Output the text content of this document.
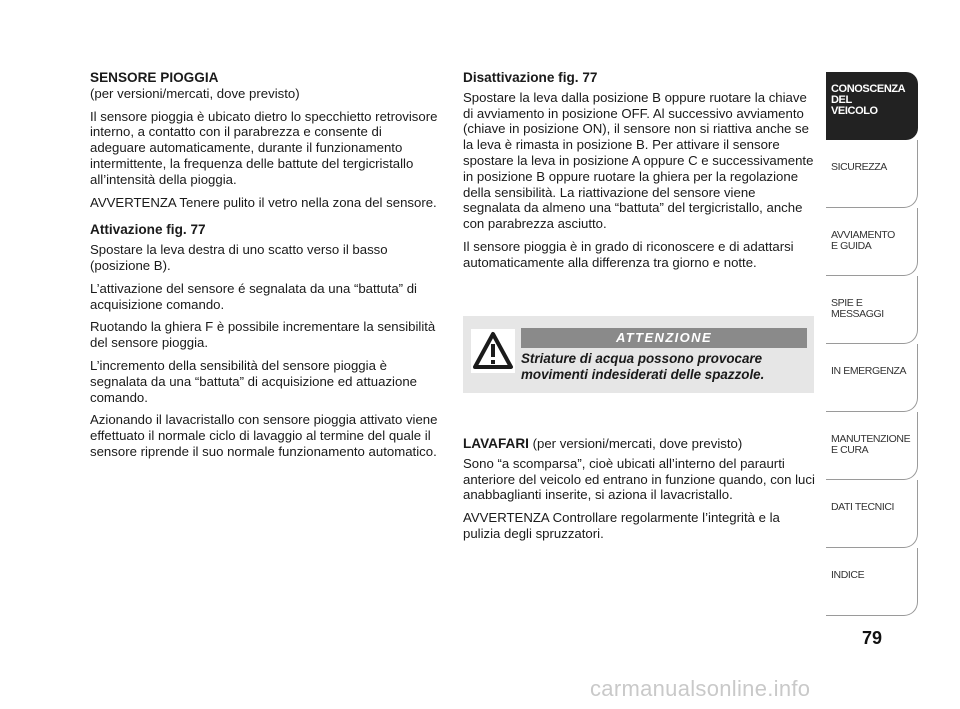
SENSORE PIOGGIA

(per versioni/mercati, dove previsto)

Il sensore pioggia è ubicato dietro lo specchietto retrovisore interno, a contatto con il parabrezza e consente di adeguare automaticamente, durante il funzionamento intermittente, la frequenza delle battute del tergicristallo all’intensità della pioggia.

AVVERTENZA Tenere pulito il vetro nella zona del sensore.

Attivazione fig. 77

Spostare la leva destra di uno scatto verso il basso (posizione B).

L’attivazione del sensore é segnalata da una “battuta” di acquisizione comando.

Ruotando la ghiera F è possibile incrementare la sensibilità del sensore pioggia.

L’incremento della sensibilità del sensore pioggia è segnalata da una “battuta” di acquisizione ed attuazione comando.

Azionando il lavacristallo con sensore pioggia attivato viene effettuato il normale ciclo di lavaggio al termine del quale il sensore riprende il suo normale funzionamento automatico.

Disattivazione fig. 77

Spostare la leva dalla posizione B oppure ruotare la chiave di avviamento in posizione OFF. Al successivo avviamento (chiave in posizione ON), il sensore non si riattiva anche se la leva è rimasta in posizione B. Per attivare il sensore spostare la leva in posizione A oppure C e successivamente in posizione B oppure ruotare la ghiera per la regolazione della sensibilità. La riattivazione del sensore viene segnalata da almeno una “battuta” del tergicristallo, anche con parabrezza asciutto.

Il sensore pioggia è in grado di riconoscere e di adattarsi automaticamente alla differenza tra giorno e notte.

ATTENZIONE
Striature di acqua possono provocare movimenti indesiderati delle spazzole.

LAVAFARI (per versioni/mercati, dove previsto)

Sono “a scomparsa”, cioè ubicati all’interno del paraurti anteriore del veicolo ed entrano in funzione quando, con luci anabbaglianti inserite, si aziona il lavacristallo.

AVVERTENZA Controllare regolarmente l’integrità e la pulizia degli spruzzatori.

CONOSCENZA
DEL
VEICOLO
SICUREZZA
AVVIAMENTO
E GUIDA
SPIE E
MESSAGGI
IN EMERGENZA
MANUTENZIONE
E CURA
DATI TECNICI
INDICE
79
carmanualsonline.info
